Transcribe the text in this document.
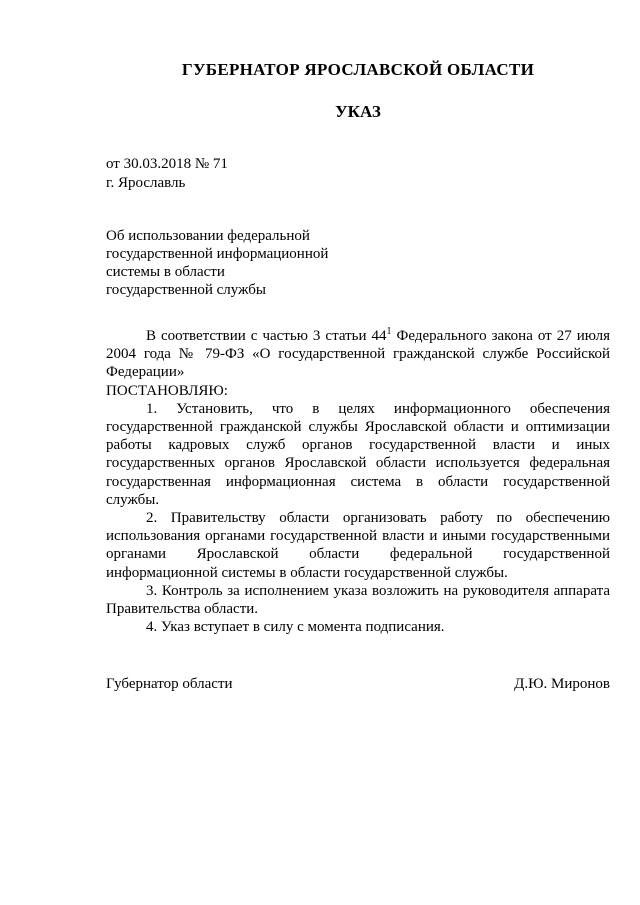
ГУБЕРНАТОР ЯРОСЛАВСКОЙ ОБЛАСТИ
УКАЗ
от 30.03.2018 № 71
г. Ярославль
Об использовании федеральной
государственной информационной
системы в области
государственной службы

В соответствии с частью 3 статьи $44^1$ Федерального закона от 27 июля 2004 года № 79-ФЗ «О государственной гражданской службе Российской Федерации»

ПОСТАНОВЛЯЮ:

1. Установить, что в целях информационного обеспечения государственной гражданской службы Ярославской области и оптимизации работы кадровых служб органов государственной власти и иных государственных органов Ярославской области используется федеральная государственная информационная система в области государственной службы.

2. Правительству области организовать работу по обеспечению использования органами государственной власти и иными государственными органами Ярославской области федеральной государственной информационной системы в области государственной службы.

3. Контроль за исполнением указа возложить на руководителя аппарата Правительства области.

4. Указ вступает в силу с момента подписания.

Губернатор области	Д.Ю. Миронов
